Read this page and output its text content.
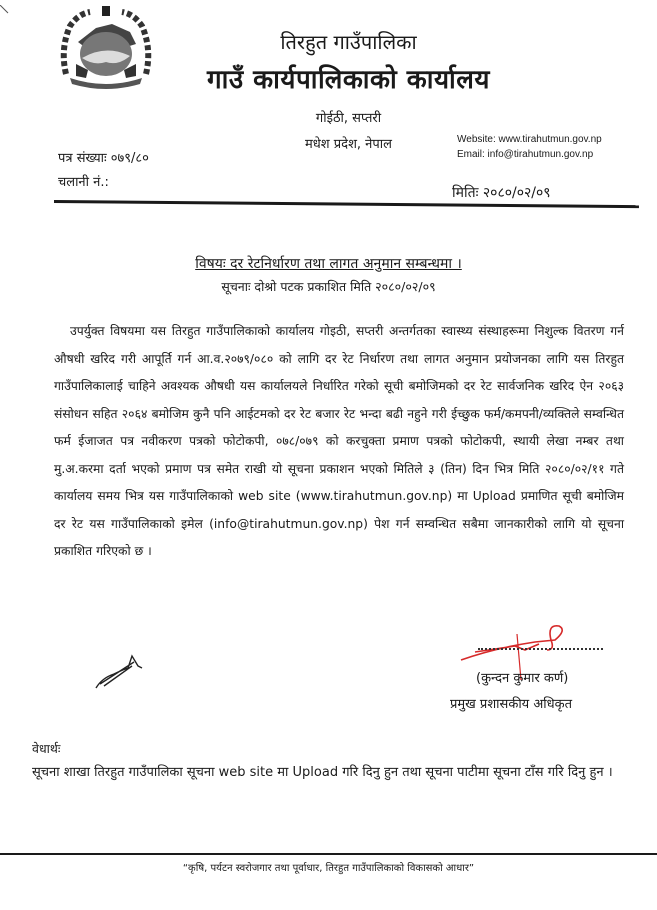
तिरहुत गाउँपालिका
गाउँ कार्यपालिकाको कार्यालय
गोईठी, सप्तरी
मधेश प्रदेश, नेपाल	Website: www.tirahutmun.gov.np
Email: info@tirahutmun.gov.np
पत्र संख्याः ०७९/८०
चलानी नं.:
मितिः २०८०/०२/०९
विषयः दर रेटनिर्धारण तथा लागत अनुमान सम्बन्धमा ।
सूचनाः दोश्रो पटक प्रकाशित मिति २०८०/०२/०९
उपर्युक्त विषयमा यस तिरहुत गाउँपालिकाको कार्यालय गोइठी, सप्तरी अन्तर्गतका स्वास्थ्य संस्थाहरूमा निशुल्क वितरण गर्न औषधी खरिद गरी आपूर्ति गर्न आ.व.२०७९/०८० को लागि दर रेट निर्धारण तथा लागत अनुमान प्रयोजनका लागि यस तिरहुत गाउँपालिकालाई चाहिने अवश्यक औषधी यस कार्यालयले निर्धारित गरेको सूची बमोजिमको दर रेट सार्वजनिक खरिद ऐन २०६३ संसोधन सहित २०६४ बमोजिम कुनै पनि आईटमको दर रेट बजार रेट भन्दा बढी नहुने गरी ईच्छुक फर्म/कमपनी/व्यक्तिले सम्वन्धित फर्म ईजाजत पत्र नवीकरण पत्रको फोटोकपी, ०७८/०७९ को करचुक्ता प्रमाण पत्रको फोटोकपी, स्थायी लेखा नम्बर तथा मु.अ.करमा दर्ता भएको प्रमाण पत्र समेत राखी यो सूचना प्रकाशन भएको मितिले ३ (तिन) दिन भित्र मिति २०८०/०२/११ गते कार्यालय समय भित्र यस गाउँपालिकाको web site (www.tirahutmun.gov.np) मा Upload प्रमाणित सूची बमोजिम दर रेट यस गाउँपालिकाको इमेल (info@tirahutmun.gov.np) पेश गर्न सम्वन्धित सबैमा जानकारीको लागि यो सूचना प्रकाशित गरिएको छ ।
(कुन्दन कुमार कर्ण)
प्रमुख प्रशासकीय अधिकृत
वेधार्थः
सूचना शाखा तिरहुत गाउँपालिका सूचना web site मा Upload गरि दिनु हुन तथा सूचना पाटीमा सूचना टाँस गरि दिनु हुन ।
“कृषि, पर्यटन स्वरोजगार तथा पूर्वाधार, तिरहुत गाउँपालिकाको विकासको आधार”
